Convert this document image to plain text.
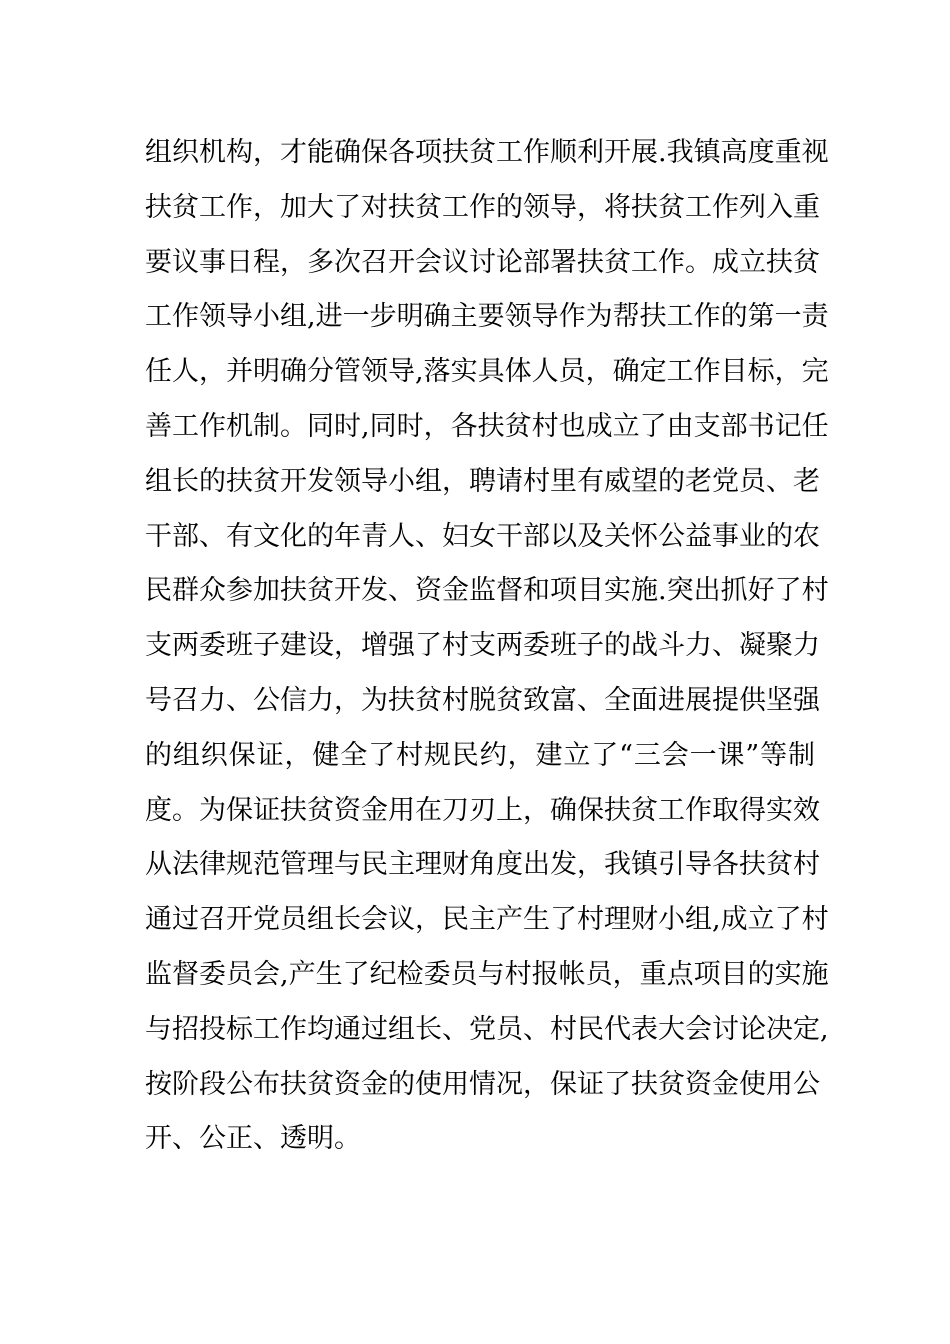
组织机构，才能确保各项扶贫工作顺利开展.我镇高度重视
扶贫工作，加大了对扶贫工作的领导，将扶贫工作列入重
要议事日程，多次召开会议讨论部署扶贫工作。成立扶贫
工作领导小组,进一步明确主要领导作为帮扶工作的第一责
任人，并明确分管领导,落实具体人员，确定工作目标，完
善工作机制。同时,同时，各扶贫村也成立了由支部书记任
组长的扶贫开发领导小组，聘请村里有威望的老党员、老
干部、有文化的年青人、妇女干部以及关怀公益事业的农
民群众参加扶贫开发、资金监督和项目实施.突出抓好了村
支两委班子建设，增强了村支两委班子的战斗力、凝聚力
号召力、公信力，为扶贫村脱贫致富、全面进展提供坚强
的组织保证，健全了村规民约，建立了“三会一课”等制
度。为保证扶贫资金用在刀刃上，确保扶贫工作取得实效
从法律规范管理与民主理财角度出发，我镇引导各扶贫村
通过召开党员组长会议，民主产生了村理财小组,成立了村
监督委员会,产生了纪检委员与村报帐员，重点项目的实施
与招投标工作均通过组长、党员、村民代表大会讨论决定,
按阶段公布扶贫资金的使用情况，保证了扶贫资金使用公
开、公正、透明。
